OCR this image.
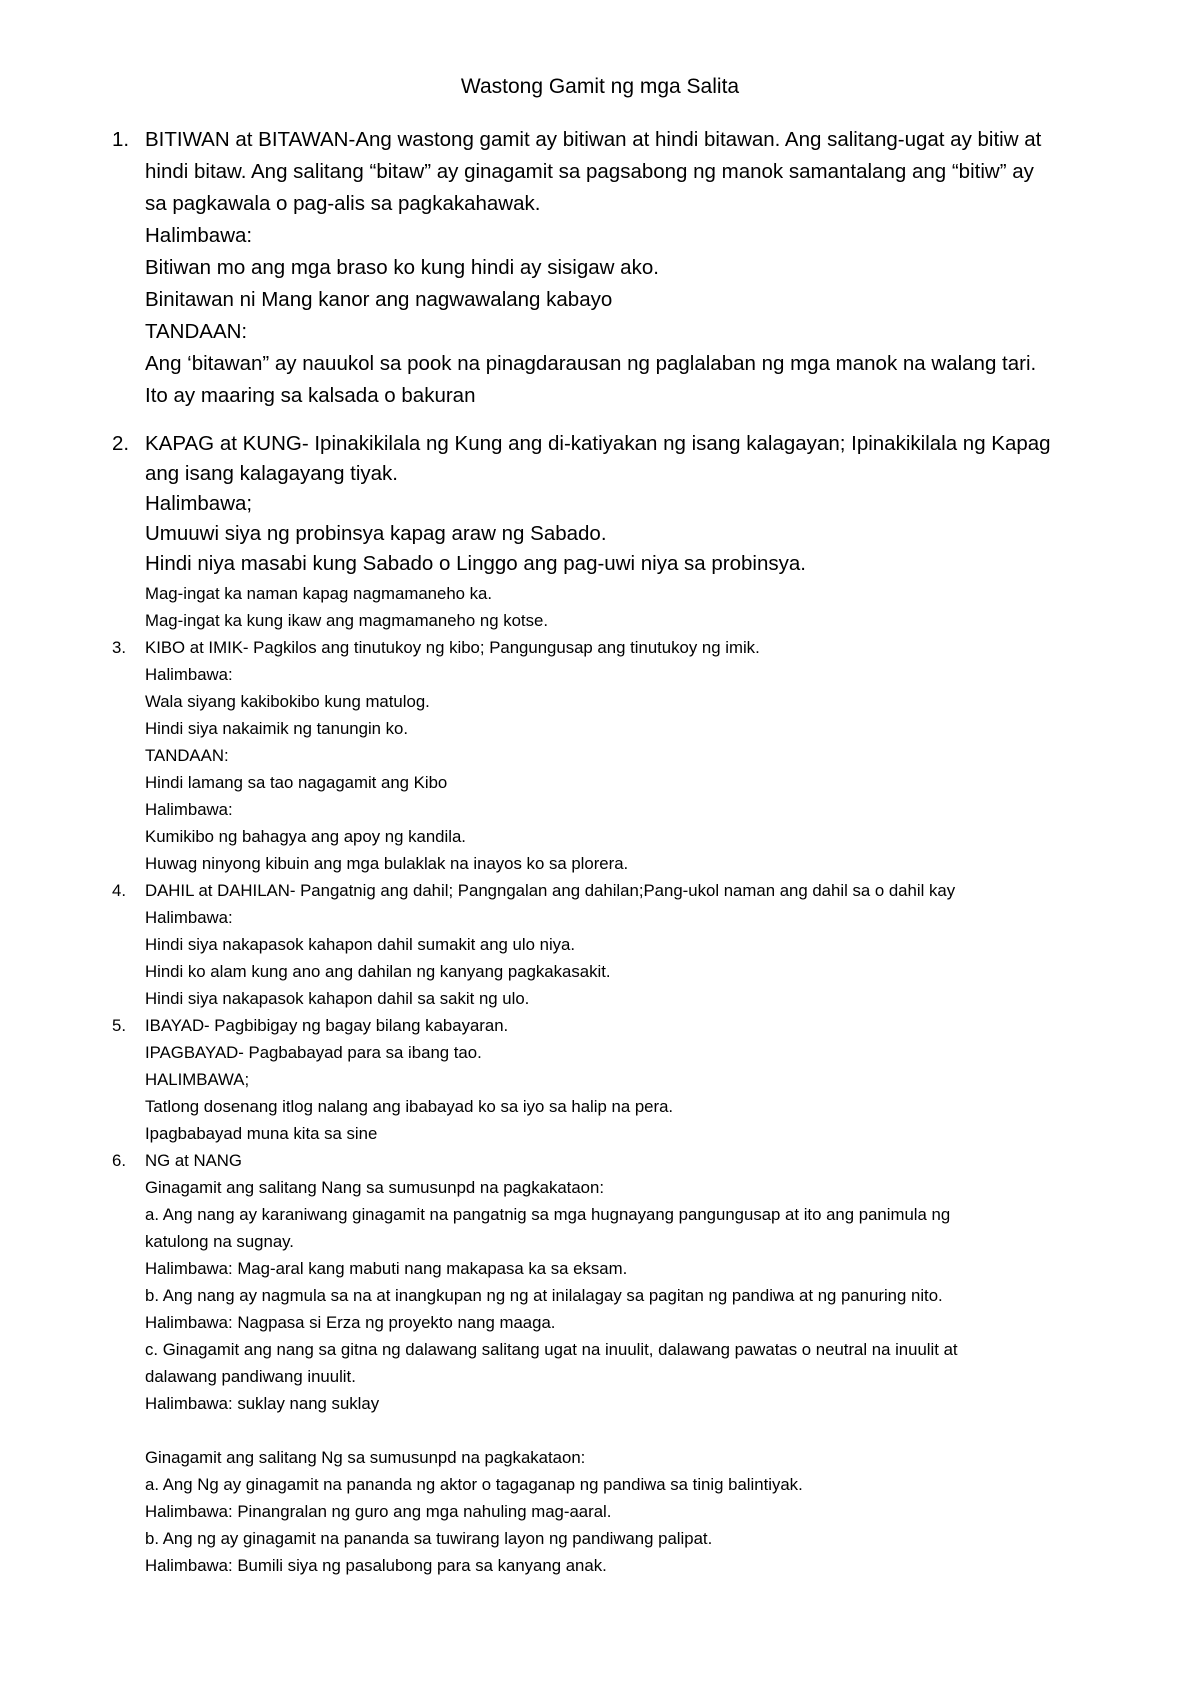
Wastong Gamit ng mga Salita
1. BITIWAN at BITAWAN-Ang wastong gamit ay bitiwan at hindi bitawan. Ang salitang-ugat ay bitiw at
hindi bitaw. Ang salitang “bitaw” ay ginagamit sa pagsabong ng manok samantalang ang “bitiw” ay
sa pagkawala o pag-alis sa pagkakahawak.
Halimbawa:
Bitiwan mo ang mga braso ko kung hindi ay sisigaw ako.
Binitawan ni Mang kanor ang nagwawalang kabayo
TANDAAN:
Ang ‘bitawan” ay nauukol sa pook na pinagdarausan ng paglalaban ng mga manok na walang tari.
Ito ay maaring sa kalsada o bakuran
2. KAPAG at KUNG- Ipinakikilala ng Kung ang di-katiyakan ng isang kalagayan; Ipinakikilala ng Kapag
ang isang kalagayang tiyak.
Halimbawa;
Umuuwi siya ng probinsya kapag araw ng Sabado.
Hindi niya masabi kung Sabado o Linggo ang pag-uwi niya sa probinsya.
Mag-ingat ka naman kapag nagmamaneho ka.
Mag-ingat ka kung ikaw ang magmamaneho ng kotse.
3.	KIBO at IMIK- Pagkilos ang tinutukoy ng kibo; Pangungusap ang tinutukoy ng imik.
Halimbawa:
Wala siyang kakibokibo kung matulog.
Hindi siya nakaimik ng tanungin ko.
TANDAAN:
Hindi lamang sa tao nagagamit ang Kibo
Halimbawa:
Kumikibo ng bahagya ang apoy ng kandila.
Huwag ninyong kibuin ang mga bulaklak na inayos ko sa plorera.
4.	DAHIL at DAHILAN- Pangatnig ang dahil; Pangngalan ang dahilan;Pang-ukol naman ang dahil sa o dahil kay
Halimbawa:
Hindi siya nakapasok kahapon dahil sumakit ang ulo niya.
Hindi ko alam kung ano ang dahilan ng kanyang pagkakasakit.
Hindi siya nakapasok kahapon dahil sa sakit ng ulo.
5.	IBAYAD- Pagbibigay ng bagay bilang kabayaran.
IPAGBAYAD- Pagbabayad para sa ibang tao.
HALIMBAWA;
Tatlong dosenang itlog nalang ang ibabayad ko sa iyo sa halip na pera.
Ipagbabayad muna kita sa sine
6.	NG at NANG
Ginagamit ang salitang Nang sa sumusunpd na pagkakataon:
a. Ang nang ay karaniwang ginagamit na pangatnig sa mga hugnayang pangungusap at ito ang panimula ng
katulong na sugnay.
Halimbawa: Mag-aral kang mabuti nang makapasa ka sa eksam.
b. Ang nang ay nagmula sa na at inangkupan ng ng at inilalagay sa pagitan ng pandiwa at ng panuring nito.
Halimbawa: Nagpasa si Erza ng proyekto nang maaga.
c. Ginagamit ang nang sa gitna ng dalawang salitang ugat na inuulit, dalawang pawatas o neutral na inuulit at
dalawang pandiwang inuulit.
Halimbawa: suklay nang suklay
Ginagamit ang salitang Ng sa sumusunpd na pagkakataon:
a. Ang Ng ay ginagamit na pananda ng aktor o tagaganap ng pandiwa sa tinig balintiyak.
Halimbawa: Pinangralan ng guro ang mga nahuling mag-aaral.
b. Ang ng ay ginagamit na pananda sa tuwirang layon ng pandiwang palipat.
Halimbawa: Bumili siya ng pasalubong para sa kanyang anak.
